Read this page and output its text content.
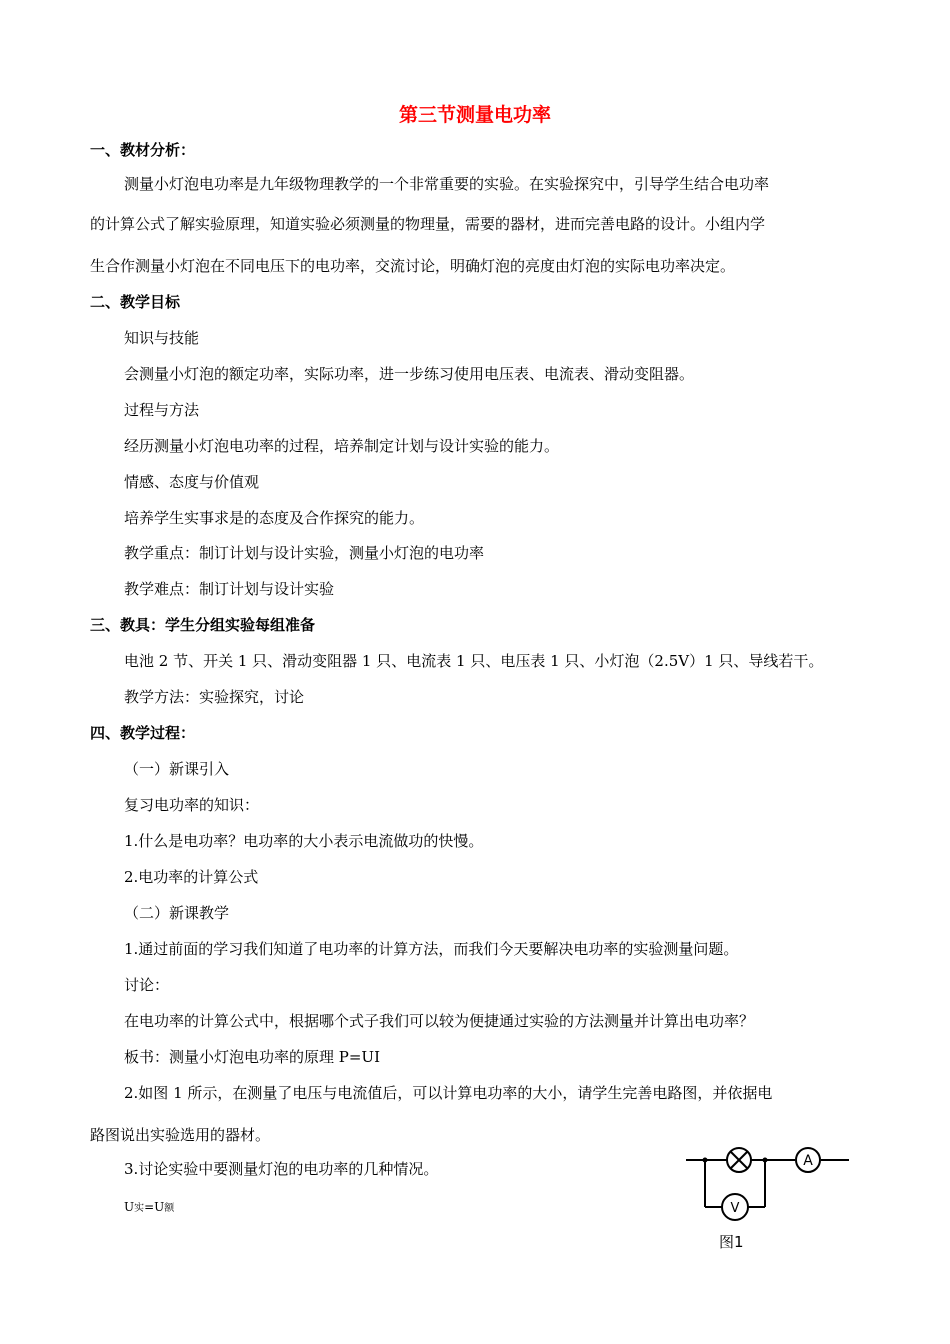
第三节测量电功率
一、教材分析：
测量小灯泡电功率是九年级物理教学的一个非常重要的实验。在实验探究中，引导学生结合电功率
的计算公式了解实验原理，知道实验必须测量的物理量，需要的器材，进而完善电路的设计。小组内学
生合作测量小灯泡在不同电压下的电功率，交流讨论，明确灯泡的亮度由灯泡的实际电功率决定。
二、教学目标
知识与技能
会测量小灯泡的额定功率，实际功率，进一步练习使用电压表、电流表、滑动变阻器。
过程与方法
经历测量小灯泡电功率的过程，培养制定计划与设计实验的能力。
情感、态度与价值观
培养学生实事求是的态度及合作探究的能力。
教学重点：制订计划与设计实验，测量小灯泡的电功率
教学难点：制订计划与设计实验
三、教具：学生分组实验每组准备
电池 2 节、开关 1 只、滑动变阻器 1 只、电流表 1 只、电压表 1 只、小灯泡（2.5V）1 只、导线若干。
教学方法：实验探究，讨论
四、教学过程：
（一）新课引入
复习电功率的知识：
1.什么是电功率？电功率的大小表示电流做功的快慢。
2.电功率的计算公式
（二）新课教学
1.通过前面的学习我们知道了电功率的计算方法，而我们今天要解决电功率的实验测量问题。
讨论：
在电功率的计算公式中，根据哪个式子我们可以较为便捷通过实验的方法测量并计算出电功率？
板书：测量小灯泡电功率的原理 P=UI
2.如图 1 所示，在测量了电压与电流值后，可以计算电功率的大小，请学生完善电路图，并依据电
路图说出实验选用的器材。
3.讨论实验中要测量灯泡的电功率的几种情况。
U实=U额
A
V
图1
